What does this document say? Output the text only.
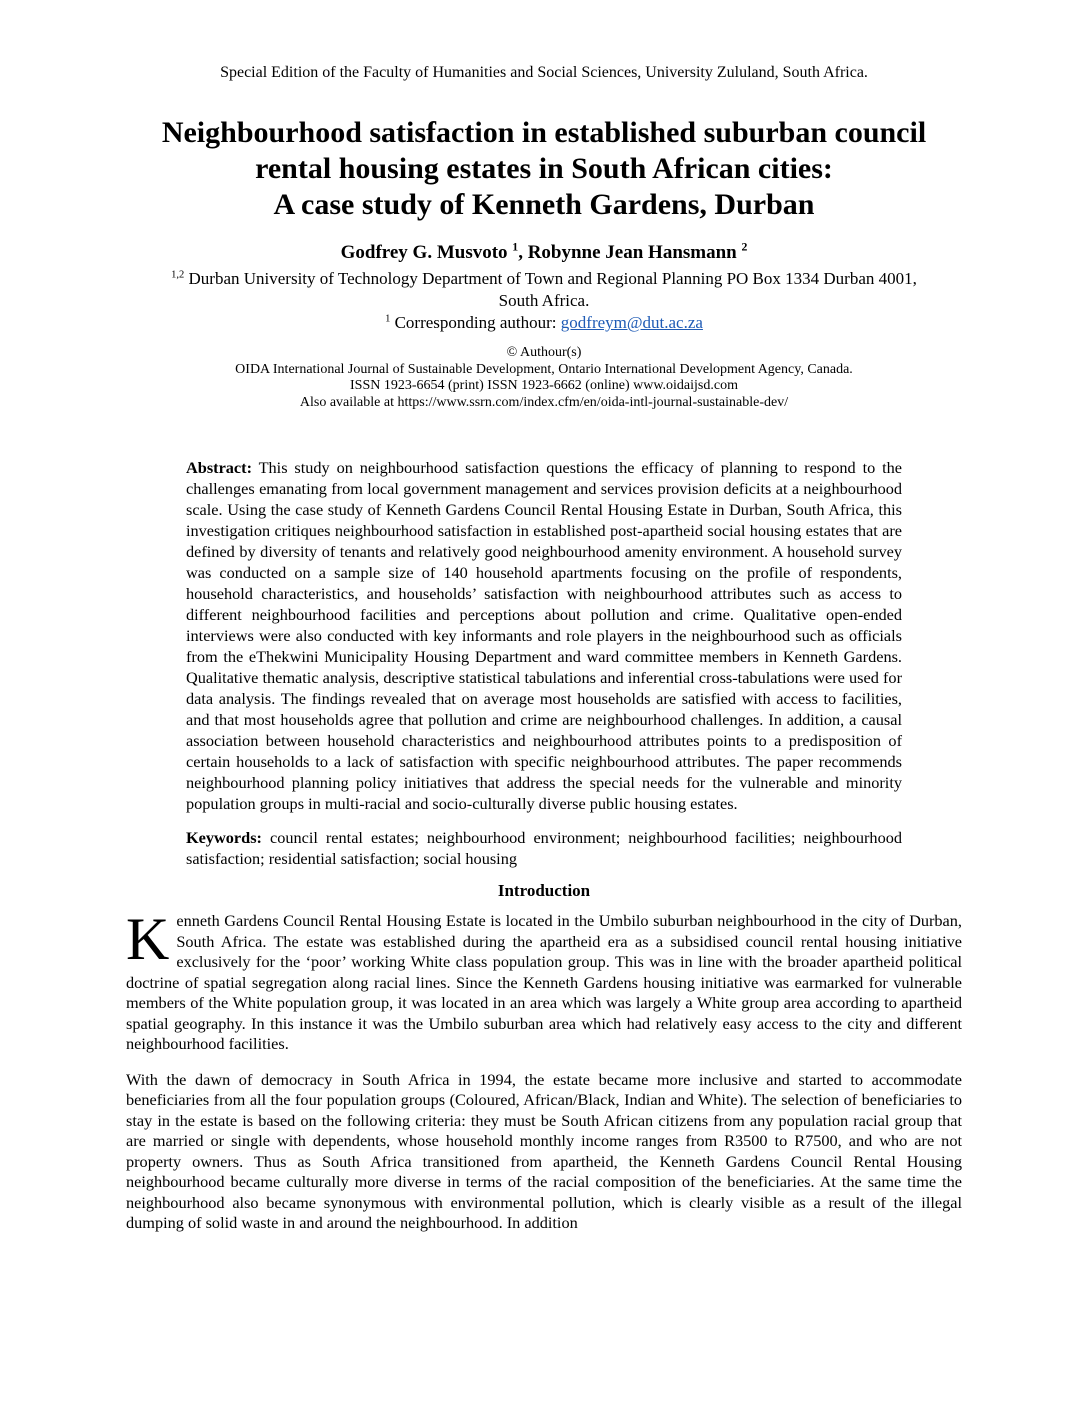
Special Edition of the Faculty of Humanities and Social Sciences, University Zululand, South Africa.
Neighbourhood satisfaction in established suburban council
rental housing estates in South African cities:
A case study of Kenneth Gardens, Durban
Godfrey G. Musvoto $^1$, Robynne Jean Hansmann $^2$
$^{1,2}$ Durban University of Technology Department of Town and Regional Planning PO Box 1334 Durban 4001,
South Africa.
$^1$ Corresponding authour: godfreym@dut.ac.za
© Authour(s)
OIDA International Journal of Sustainable Development, Ontario International Development Agency, Canada.
ISSN 1923-6654 (print) ISSN 1923-6662 (online) www.oidaijsd.com
Also available at https://www.ssrn.com/index.cfm/en/oida-intl-journal-sustainable-dev/
Abstract: This study on neighbourhood satisfaction questions the efficacy of planning to respond to the challenges emanating from local government management and services provision deficits at a neighbourhood scale. Using the case study of Kenneth Gardens Council Rental Housing Estate in Durban, South Africa, this investigation critiques neighbourhood satisfaction in established post-apartheid social housing estates that are defined by diversity of tenants and relatively good neighbourhood amenity environment. A household survey was conducted on a sample size of 140 household apartments focusing on the profile of respondents, household characteristics, and households’ satisfaction with neighbourhood attributes such as access to different neighbourhood facilities and perceptions about pollution and crime. Qualitative open-ended interviews were also conducted with key informants and role players in the neighbourhood such as officials from the eThekwini Municipality Housing Department and ward committee members in Kenneth Gardens. Qualitative thematic analysis, descriptive statistical tabulations and inferential cross-tabulations were used for data analysis. The findings revealed that on average most households are satisfied with access to facilities, and that most households agree that pollution and crime are neighbourhood challenges. In addition, a causal association between household characteristics and neighbourhood attributes points to a predisposition of certain households to a lack of satisfaction with specific neighbourhood attributes. The paper recommends neighbourhood planning policy initiatives that address the special needs for the vulnerable and minority population groups in multi-racial and socio-culturally diverse public housing estates.
Keywords: council rental estates; neighbourhood environment; neighbourhood facilities; neighbourhood satisfaction; residential satisfaction; social housing
Introduction
Kenneth Gardens Council Rental Housing Estate is located in the Umbilo suburban neighbourhood in the city of Durban, South Africa. The estate was established during the apartheid era as a subsidised council rental housing initiative exclusively for the ‘poor’ working White class population group. This was in line with the broader apartheid political doctrine of spatial segregation along racial lines. Since the Kenneth Gardens housing initiative was earmarked for vulnerable members of the White population group, it was located in an area which was largely a White group area according to apartheid spatial geography. In this instance it was the Umbilo suburban area which had relatively easy access to the city and different neighbourhood facilities.
With the dawn of democracy in South Africa in 1994, the estate became more inclusive and started to accommodate beneficiaries from all the four population groups (Coloured, African/Black, Indian and White). The selection of beneficiaries to stay in the estate is based on the following criteria: they must be South African citizens from any population racial group that are married or single with dependents, whose household monthly income ranges from R3500 to R7500, and who are not property owners. Thus as South Africa transitioned from apartheid, the Kenneth Gardens Council Rental Housing neighbourhood became culturally more diverse in terms of the racial composition of the beneficiaries. At the same time the neighbourhood also became synonymous with environmental pollution, which is clearly visible as a result of the illegal dumping of solid waste in and around the neighbourhood. In addition
